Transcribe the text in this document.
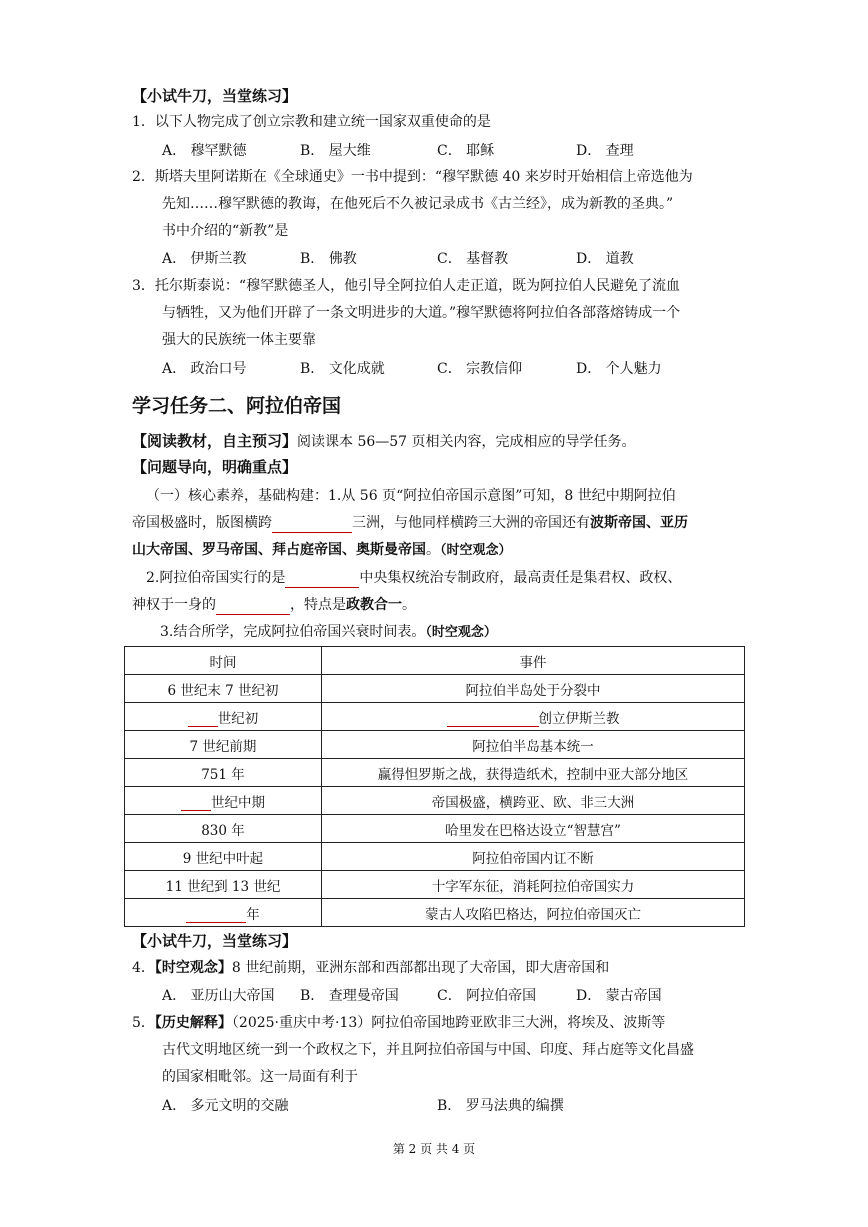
【小试牛刀，当堂练习】
1．以下人物完成了创立宗教和建立统一国家双重使命的是
A． 穆罕默德	B． 屋大维	C． 耶稣	D． 查理
2．斯塔夫里阿诺斯在《全球通史》一书中提到：“穆罕默德 40 来岁时开始相信上帝选他为
先知……穆罕默德的教诲，在他死后不久被记录成书《古兰经》，成为新教的圣典。”
书中介绍的“新教”是
A． 伊斯兰教	B． 佛教	C． 基督教	D． 道教
3．托尔斯泰说：“穆罕默德圣人，他引导全阿拉伯人走正道，既为阿拉伯人民避免了流血
与牺牲，又为他们开辟了一条文明进步的大道。”穆罕默德将阿拉伯各部落熔铸成一个
强大的民族统一体主要靠
A． 政治口号	B． 文化成就	C． 宗教信仰	D． 个人魅力
学习任务二、阿拉伯帝国
【阅读教材，自主预习】阅读课本 56—57 页相关内容，完成相应的导学任务。
【问题导向，明确重点】
（一）核心素养，基础构建：1.从 56 页“阿拉伯帝国示意图”可知，8 世纪中期阿拉伯
帝国极盛时，版图横跨	三洲，与他同样横跨三大洲的帝国还有波斯帝国、亚历
山大帝国、罗马帝国、拜占庭帝国、奥斯曼帝国。（时空观念）
2.阿拉伯帝国实行的是	中央集权统治专制政府，最高责任是集君权、政权、
神权于一身的	，特点是政教合一。
3.结合所学，完成阿拉伯帝国兴衰时间表。（时空观念）
时间	事件
6 世纪末 7 世纪初	阿拉伯半岛处于分裂中
世纪初	创立伊斯兰教
7 世纪前期	阿拉伯半岛基本统一
751 年	赢得怛罗斯之战，获得造纸术，控制中亚大部分地区
世纪中期	帝国极盛，横跨亚、欧、非三大洲
830 年	哈里发在巴格达设立“智慧宫”
9 世纪中叶起	阿拉伯帝国内讧不断
11 世纪到 13 世纪	十字军东征，消耗阿拉伯帝国实力
年	蒙古人攻陷巴格达，阿拉伯帝国灭亡
【小试牛刀，当堂练习】
4．【时空观念】8 世纪前期，亚洲东部和西部都出现了大帝国，即大唐帝国和
A． 亚历山大帝国 B． 查理曼帝国	C． 阿拉伯帝国	D． 蒙古帝国
5．【历史解释】（2025·重庆中考·13）阿拉伯帝国地跨亚欧非三大洲，将埃及、波斯等
古代文明地区统一到一个政权之下，并且阿拉伯帝国与中国、印度、拜占庭等文化昌盛
的国家相毗邻。这一局面有利于
A． 多元文明的交融	B． 罗马法典的编撰
第 2 页 共 4 页
